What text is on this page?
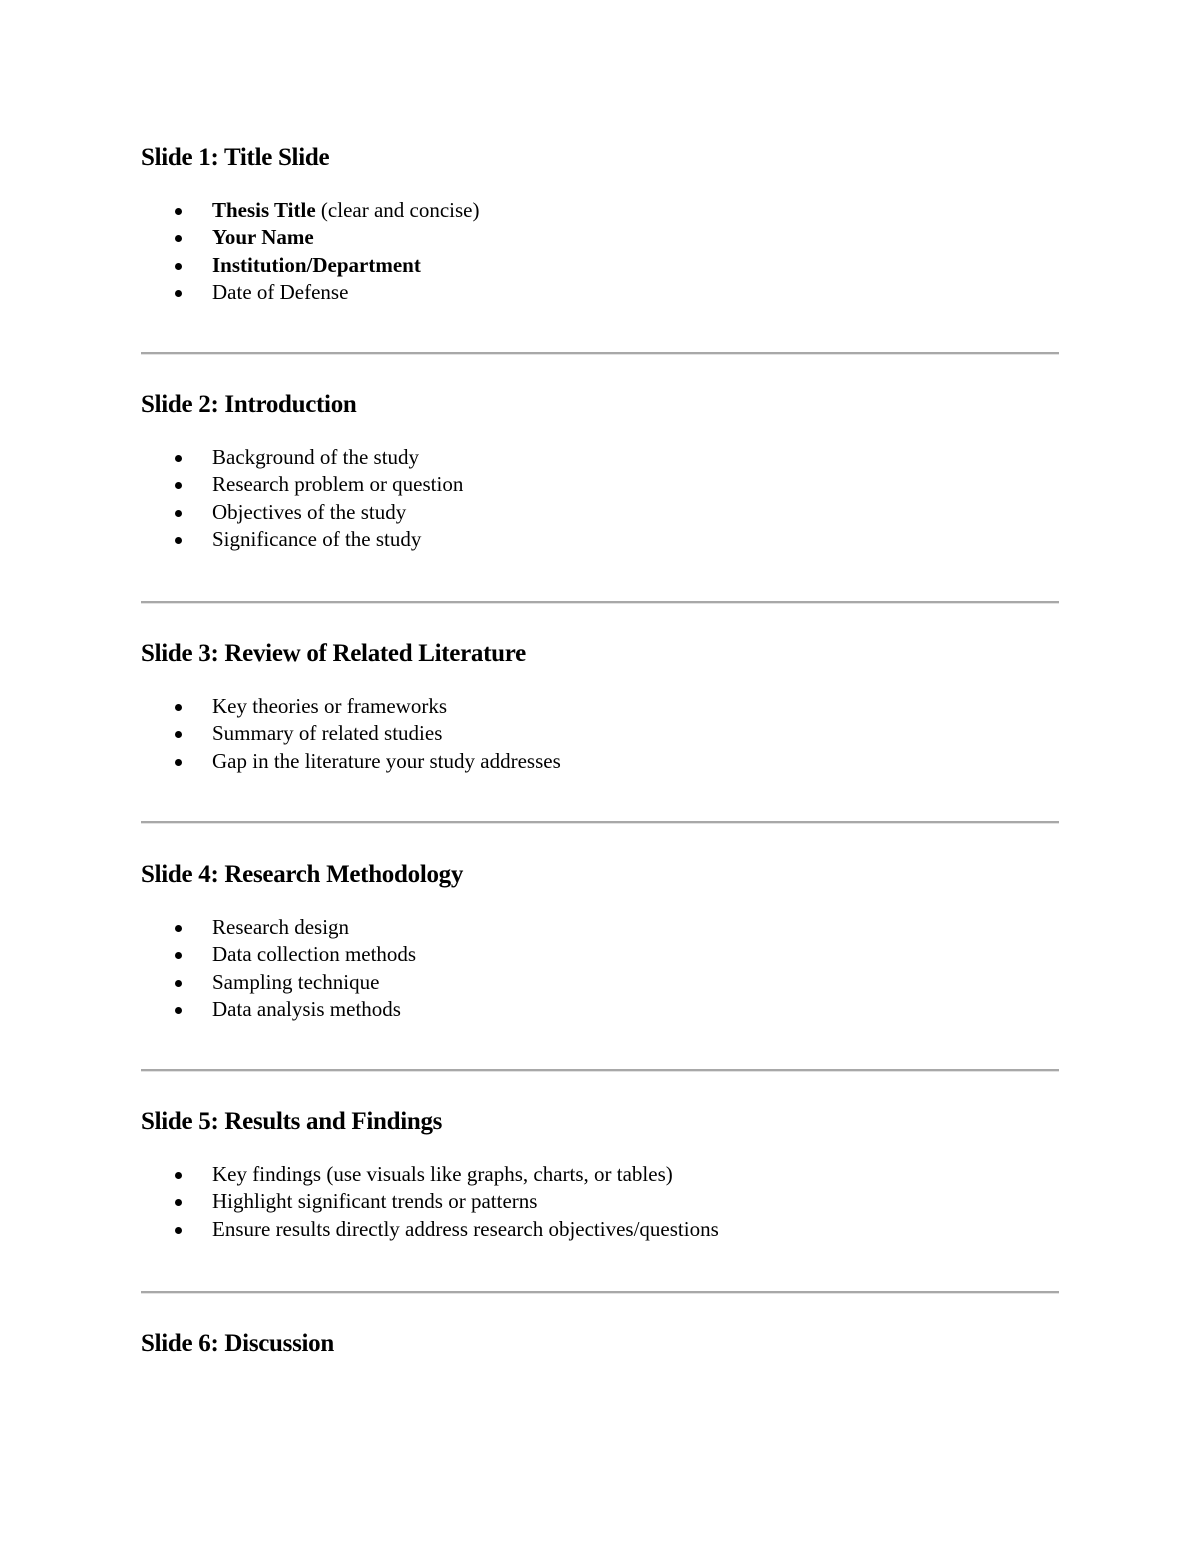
Slide 1: Title Slide
Thesis Title (clear and concise)
Your Name
Institution/Department
Date of Defense
Slide 2: Introduction
Background of the study
Research problem or question
Objectives of the study
Significance of the study
Slide 3: Review of Related Literature
Key theories or frameworks
Summary of related studies
Gap in the literature your study addresses
Slide 4: Research Methodology
Research design
Data collection methods
Sampling technique
Data analysis methods
Slide 5: Results and Findings
Key findings (use visuals like graphs, charts, or tables)
Highlight significant trends or patterns
Ensure results directly address research objectives/questions
Slide 6: Discussion
